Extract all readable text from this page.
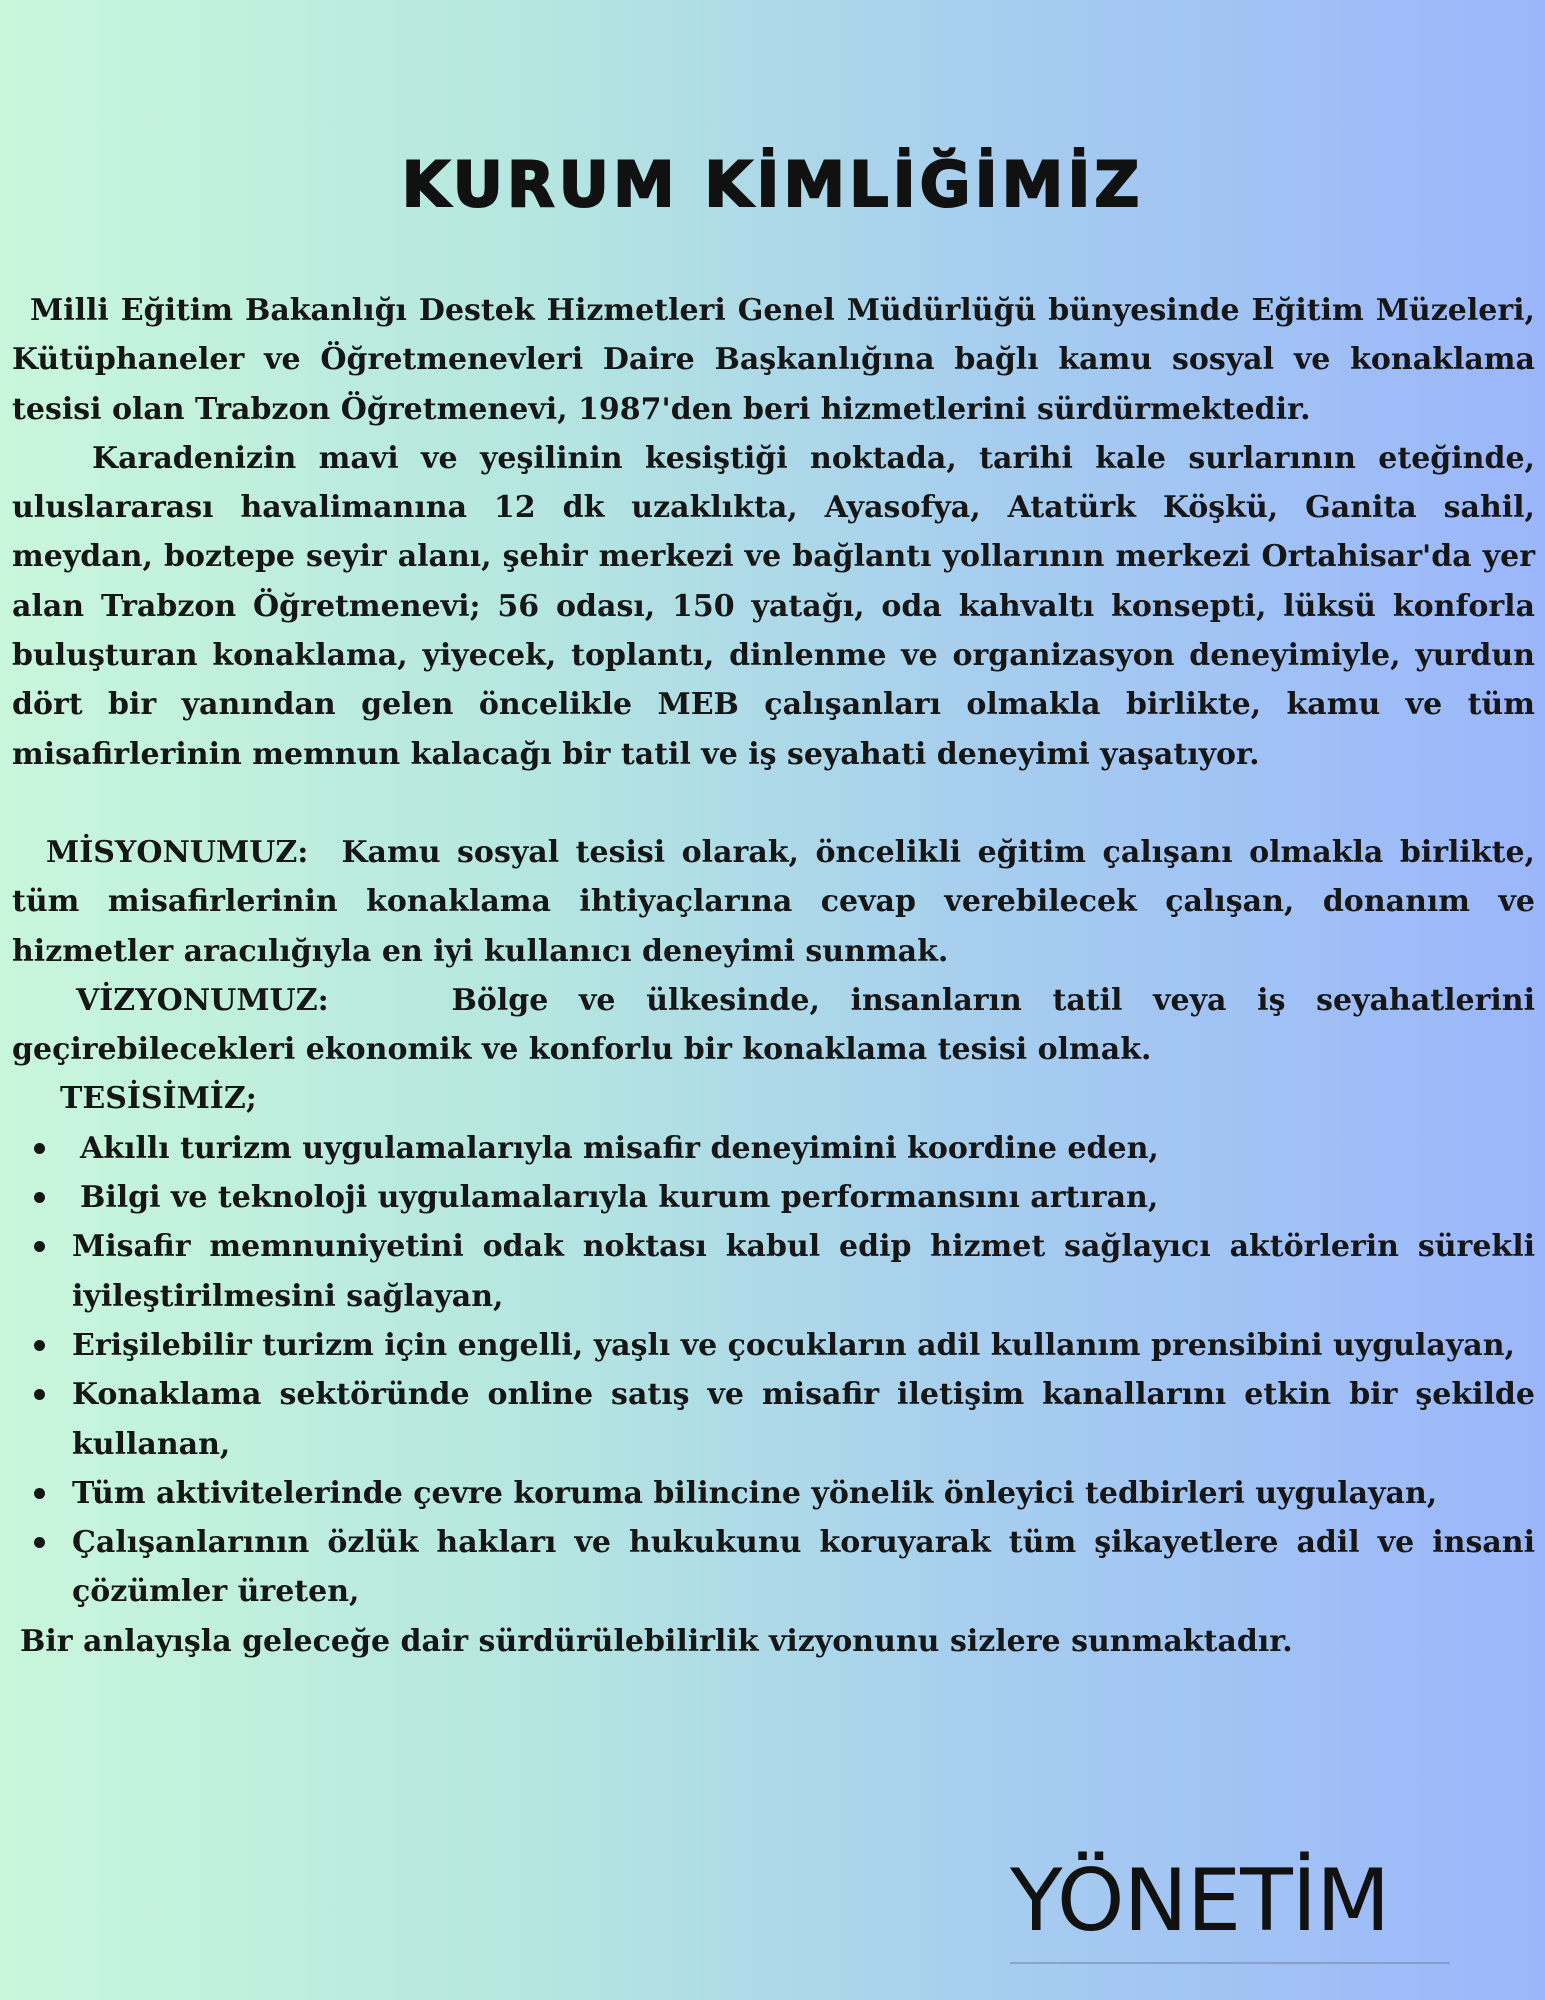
KURUM KİMLİĞİMİZ

Milli Eğitim Bakanlığı Destek Hizmetleri Genel Müdürlüğü bünyesinde Eğitim Müzeleri, Kütüphaneler ve Öğretmenevleri Daire Başkanlığına bağlı kamu sosyal ve konaklama tesisi olan Trabzon Öğretmenevi, 1987'den beri hizmetlerini sürdürmektedir.

Karadenizin mavi ve yeşilinin kesiştiği noktada, tarihi kale surlarının eteğinde, uluslararası havalimanına 12 dk uzaklıkta, Ayasofya, Atatürk Köşkü, Ganita sahil, meydan, boztepe seyir alanı, şehir merkezi ve bağlantı yollarının merkezi Ortahisar'da yer alan Trabzon Öğretmenevi; 56 odası, 150 yatağı, oda kahvaltı konsepti, lüksü konforla buluşturan konaklama, yiyecek, toplantı, dinlenme ve organizasyon deneyimiyle, yurdun dört bir yanından gelen öncelikle MEB çalışanları olmakla birlikte, kamu ve tüm misafirlerinin memnun kalacağı bir tatil ve iş seyahati deneyimi yaşatıyor.

MİSYONUMUZ: Kamu sosyal tesisi olarak, öncelikli eğitim çalışanı olmakla birlikte, tüm misafirlerinin konaklama ihtiyaçlarına cevap verebilecek çalışan, donanım ve hizmetler aracılığıyla en iyi kullanıcı deneyimi sunmak.

VİZYONUMUZ:	Bölge ve ülkesinde, insanların tatil veya iş seyahatlerini geçirebilecekleri ekonomik ve konforlu bir konaklama tesisi olmak.

TESİSİMİZ;

Akıllı turizm uygulamalarıyla misafir deneyimini koordine eden,
Bilgi ve teknoloji uygulamalarıyla kurum performansını artıran,
Misafir memnuniyetini odak noktası kabul edip hizmet sağlayıcı aktörlerin sürekli iyileştirilmesini sağlayan,
Erişilebilir turizm için engelli, yaşlı ve çocukların adil kullanım prensibini uygulayan,
Konaklama sektöründe online satış ve misafir iletişim kanallarını etkin bir şekilde kullanan,
Tüm aktivitelerinde çevre koruma bilincine yönelik önleyici tedbirleri uygulayan,
Çalışanlarının özlük hakları ve hukukunu koruyarak tüm şikayetlere adil ve insani çözümler üreten,

Bir anlayışla geleceğe dair sürdürülebilirlik vizyonunu sizlere sunmaktadır.

YÖNETİM
